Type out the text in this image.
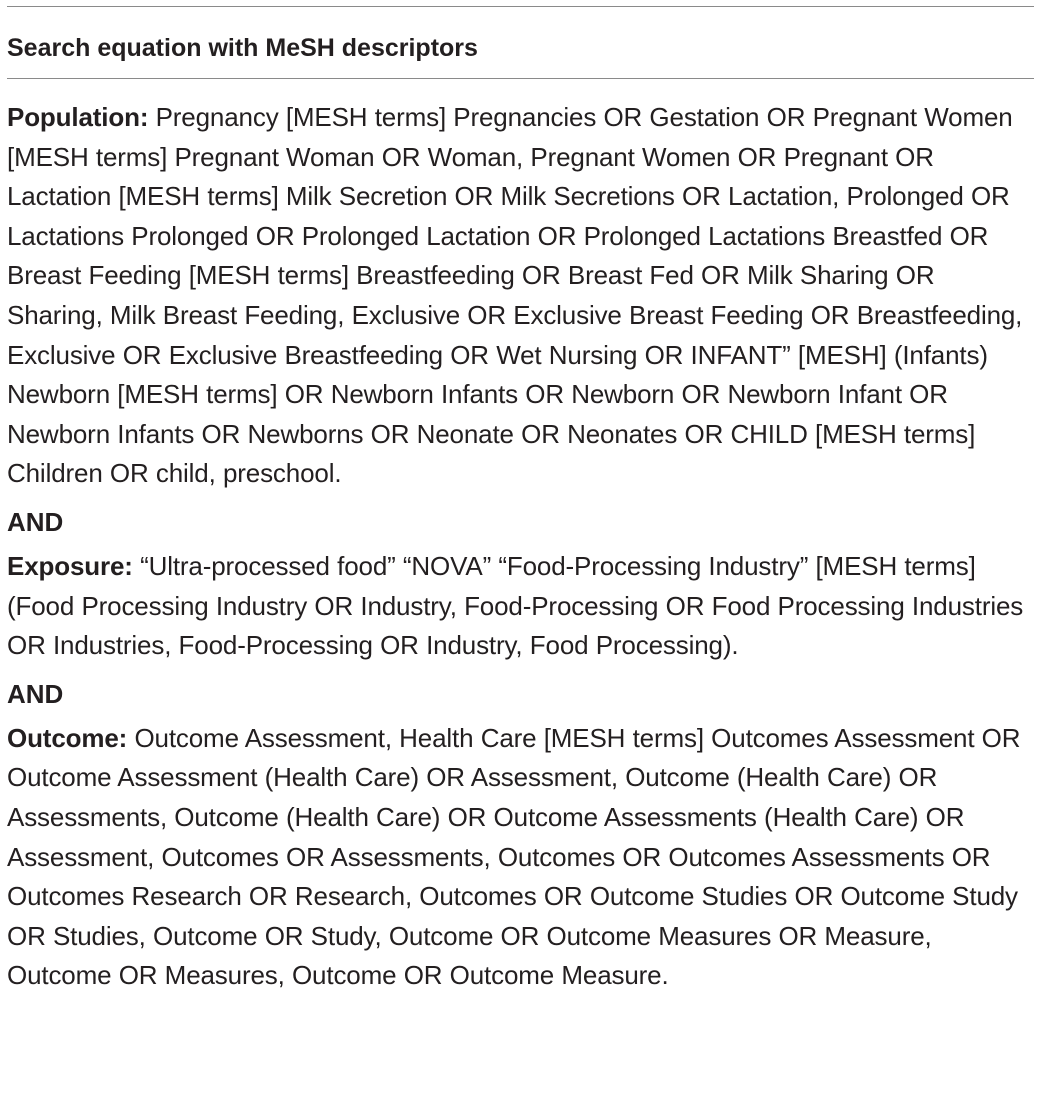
Search equation with MeSH descriptors

Population: Pregnancy [MESH terms] Pregnancies OR Gestation OR Pregnant Women [MESH terms] Pregnant Woman OR Woman, Pregnant Women OR Pregnant OR Lactation [MESH terms] Milk Secretion OR Milk Secretions OR Lactation, Prolonged OR Lactations Prolonged OR Prolonged Lactation OR Prolonged Lactations Breastfed OR Breast Feeding [MESH terms] Breastfeeding OR Breast Fed OR Milk Sharing OR Sharing, Milk Breast Feeding, Exclusive OR Exclusive Breast Feeding OR Breastfeeding, Exclusive OR Exclusive Breastfeeding OR Wet Nursing OR INFANT” [MESH] (Infants) Newborn [MESH terms] OR Newborn Infants OR Newborn OR Newborn Infant OR Newborn Infants OR Newborns OR Neonate OR Neonates OR CHILD [MESH terms] Children OR child, preschool.

AND

Exposure: “Ultra-processed food” “NOVA” “Food-Processing Industry” [MESH terms] (Food Processing Industry OR Industry, Food-Processing OR Food Processing Industries OR Industries, Food-Processing OR Industry, Food Processing).

AND

Outcome: Outcome Assessment, Health Care [MESH terms] Outcomes Assessment OR Outcome Assessment (Health Care) OR Assessment, Outcome (Health Care) OR Assessments, Outcome (Health Care) OR Outcome Assessments (Health Care) OR Assessment, Outcomes OR Assessments, Outcomes OR Outcomes Assessments OR Outcomes Research OR Research, Outcomes OR Outcome Studies OR Outcome Study OR Studies, Outcome OR Study, Outcome OR Outcome Measures OR Measure, Outcome OR Measures, Outcome OR Outcome Measure.
